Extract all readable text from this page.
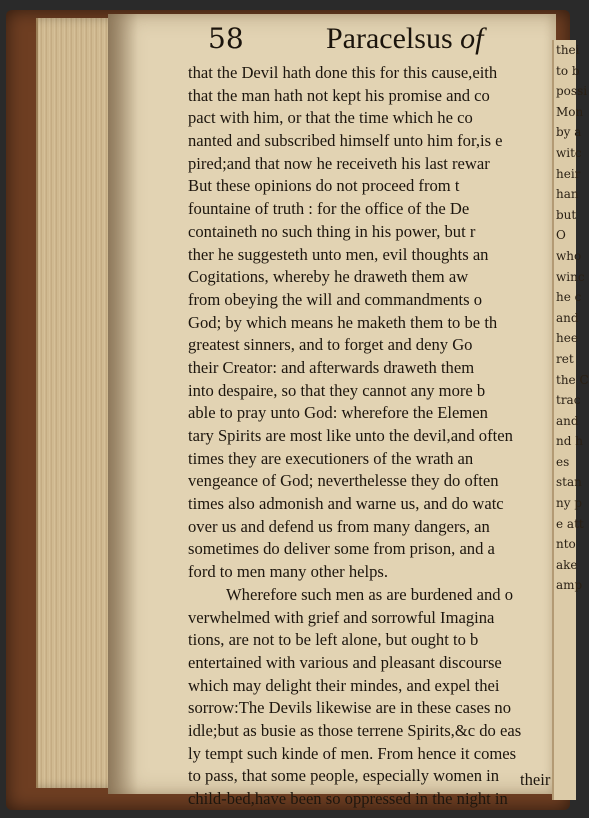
thei
to b
possi
Mon
by a
witc
heir
han
but
O
who
winc
he c
and
hee
ret
the C
trac
and
nd h
es
stan
ny p
e att
nto
ake
amp
58	Paracelsus of
that the Devil hath done this for this cause,eith
that the man hath not kept his promise and co
pact with him, or that the time which he co
nanted and subscribed himself unto him for,is e
pired;and that now he receiveth his last rewar
But these opinions do not proceed from t
fountaine of truth : for the office of the De
containeth no such thing in his power, but r
ther he suggesteth unto men, evil thoughts an
Cogitations, whereby he draweth them aw
from obeying the will and commandments o
God; by which means he maketh them to be th
greatest sinners, and to forget and deny Go
their Creator: and afterwards draweth them
into despaire, so that they cannot any more b
able to pray unto God: wherefore the Elemen
tary Spirits are most like unto the devil,and often
times they are executioners of the wrath an
vengeance of God; neverthelesse they do often
times also admonish and warne us, and do watc
over us and defend us from many dangers, an
sometimes do deliver some from prison, and a
ford to men many other helps.
Wherefore such men as are burdened and o
verwhelmed with grief and sorrowful Imagina
tions, are not to be left alone, but ought to b
entertained with various and pleasant discourse
which may delight their mindes, and expel thei
sorrow:The Devils likewise are in these cases no
idle;but as busie as those terrene Spirits,&c do eas
ly tempt such kinde of men. From hence it comes
to pass, that some people, especially women in
child-bed,have been so oppressed in the night in
their
